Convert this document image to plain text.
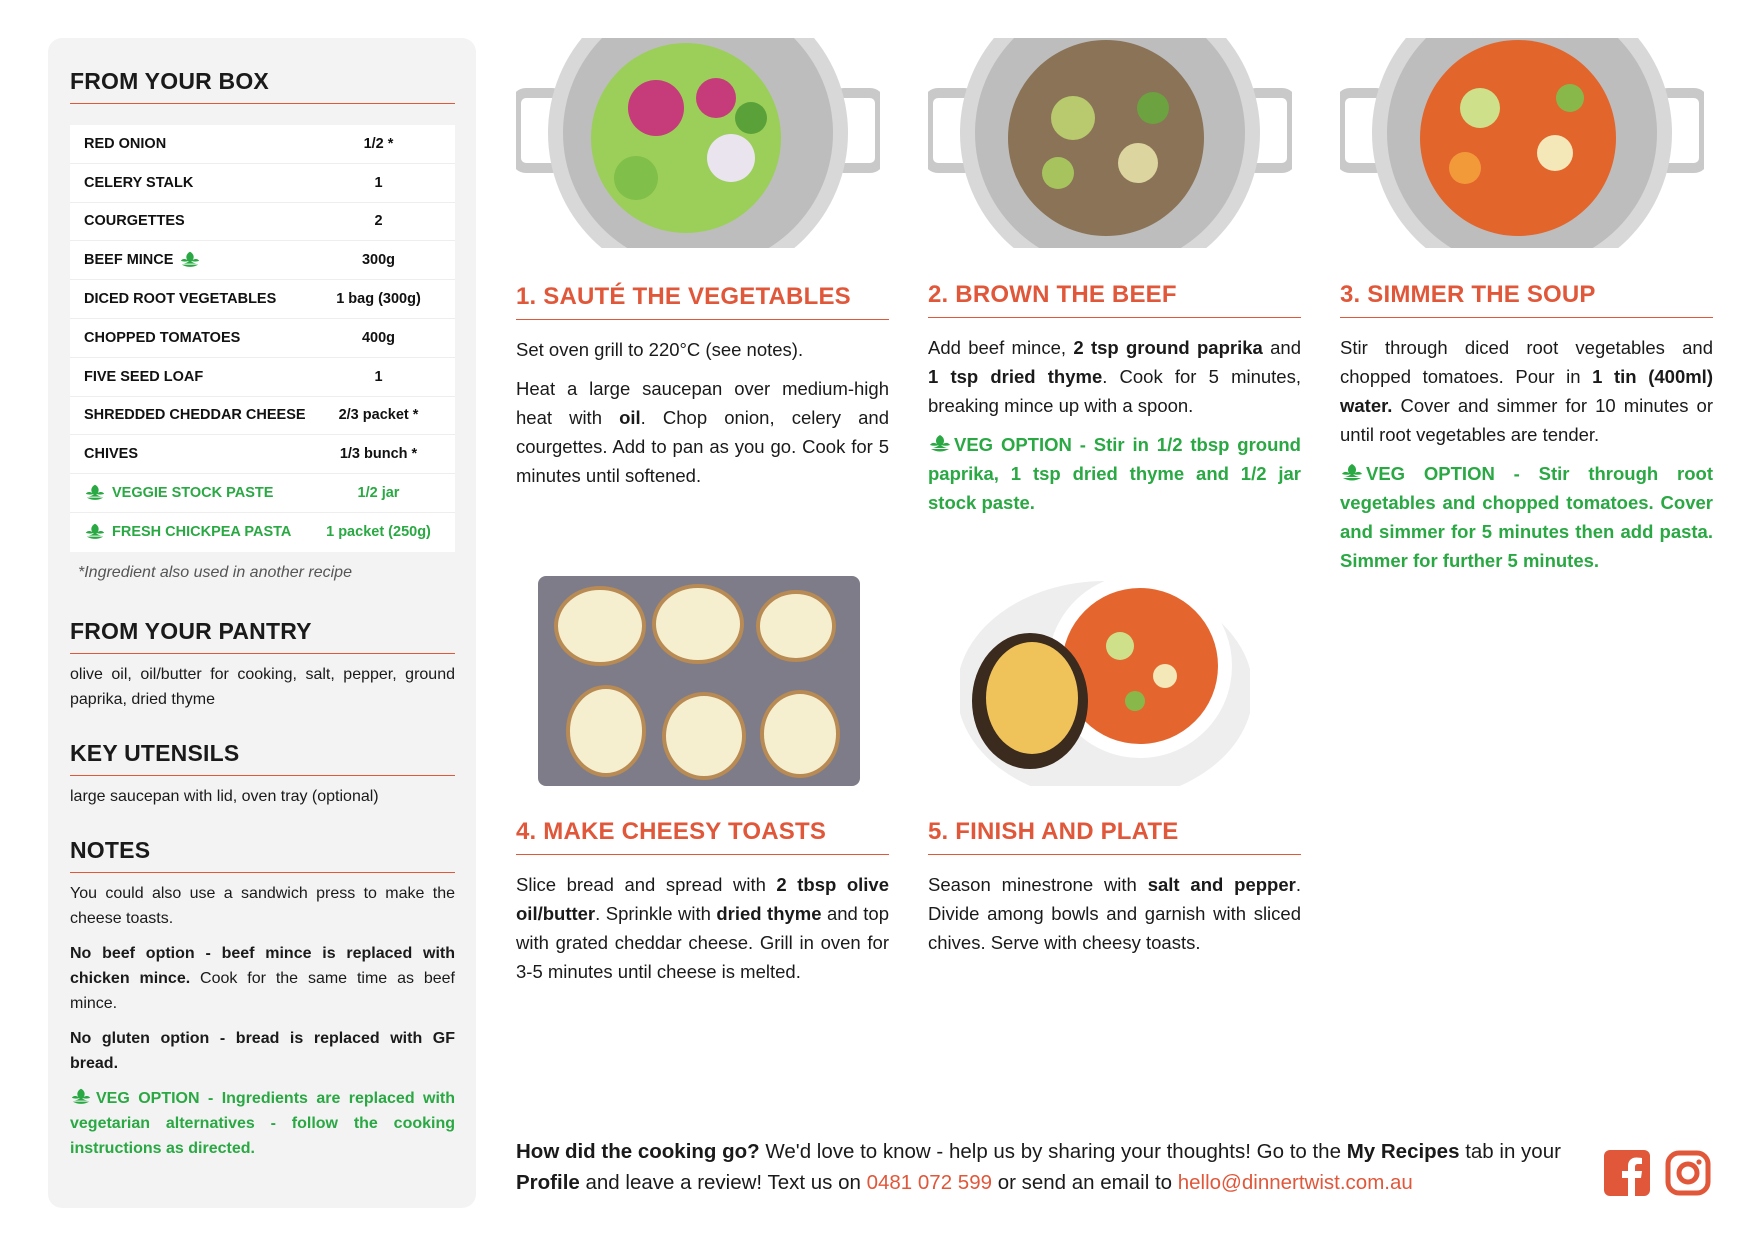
FROM YOUR BOX
RED ONION	1/2 *
CELERY STALK	1
COURGETTES	2
BEEF MINCE	300g
DICED ROOT VEGETABLES	1 bag (300g)
CHOPPED TOMATOES	400g
FIVE SEED LOAF	1
SHREDDED CHEDDAR CHEESE	2/3 packet *
CHIVES	1/3 bunch *
VEGGIE STOCK PASTE	1/2 jar
FRESH CHICKPEA PASTA	1 packet (250g)
*Ingredient also used in another recipe
FROM YOUR PANTRY
olive oil, oil/butter for cooking, salt, pepper, ground paprika, dried thyme
KEY UTENSILS
large saucepan with lid, oven tray (optional)
NOTES

You could also use a sandwich press to make the cheese toasts.

No beef option - beef mince is replaced with chicken mince. Cook for the same time as beef mince.

No gluten option - bread is replaced with GF bread.

VEG OPTION - Ingredients are replaced with vegetarian alternatives - follow the cooking instructions as directed.

1. SAUTÉ THE VEGETABLES

Set oven grill to 220°C (see notes).

Heat a large saucepan over medium-high heat with oil. Chop onion, celery and courgettes. Add to pan as you go. Cook for 5 minutes until softened.

2. BROWN THE BEEF

Add beef mince, 2 tsp ground paprika and 1 tsp dried thyme. Cook for 5 minutes, breaking mince up with a spoon.

VEG OPTION - Stir in 1/2 tbsp ground paprika, 1 tsp dried thyme and 1/2 jar stock paste.

3. SIMMER THE SOUP

Stir through diced root vegetables and chopped tomatoes. Pour in 1 tin (400ml) water. Cover and simmer for 10 minutes or until root vegetables are tender.

VEG OPTION - Stir through root vegetables and chopped tomatoes. Cover and simmer for 5 minutes then add pasta. Simmer for further 5 minutes.

4. MAKE CHEESY TOASTS

Slice bread and spread with 2 tbsp olive oil/butter. Sprinkle with dried thyme and top with grated cheddar cheese. Grill in oven for 3-5 minutes until cheese is melted.

5. FINISH AND PLATE

Season minestrone with salt and pepper. Divide among bowls and garnish with sliced chives. Serve with cheesy toasts.

How did the cooking go? We'd love to know - help us by sharing your thoughts! Go to the My Recipes tab in your Profile and leave a review! Text us on 0481 072 599 or send an email to hello@dinnertwist.com.au
